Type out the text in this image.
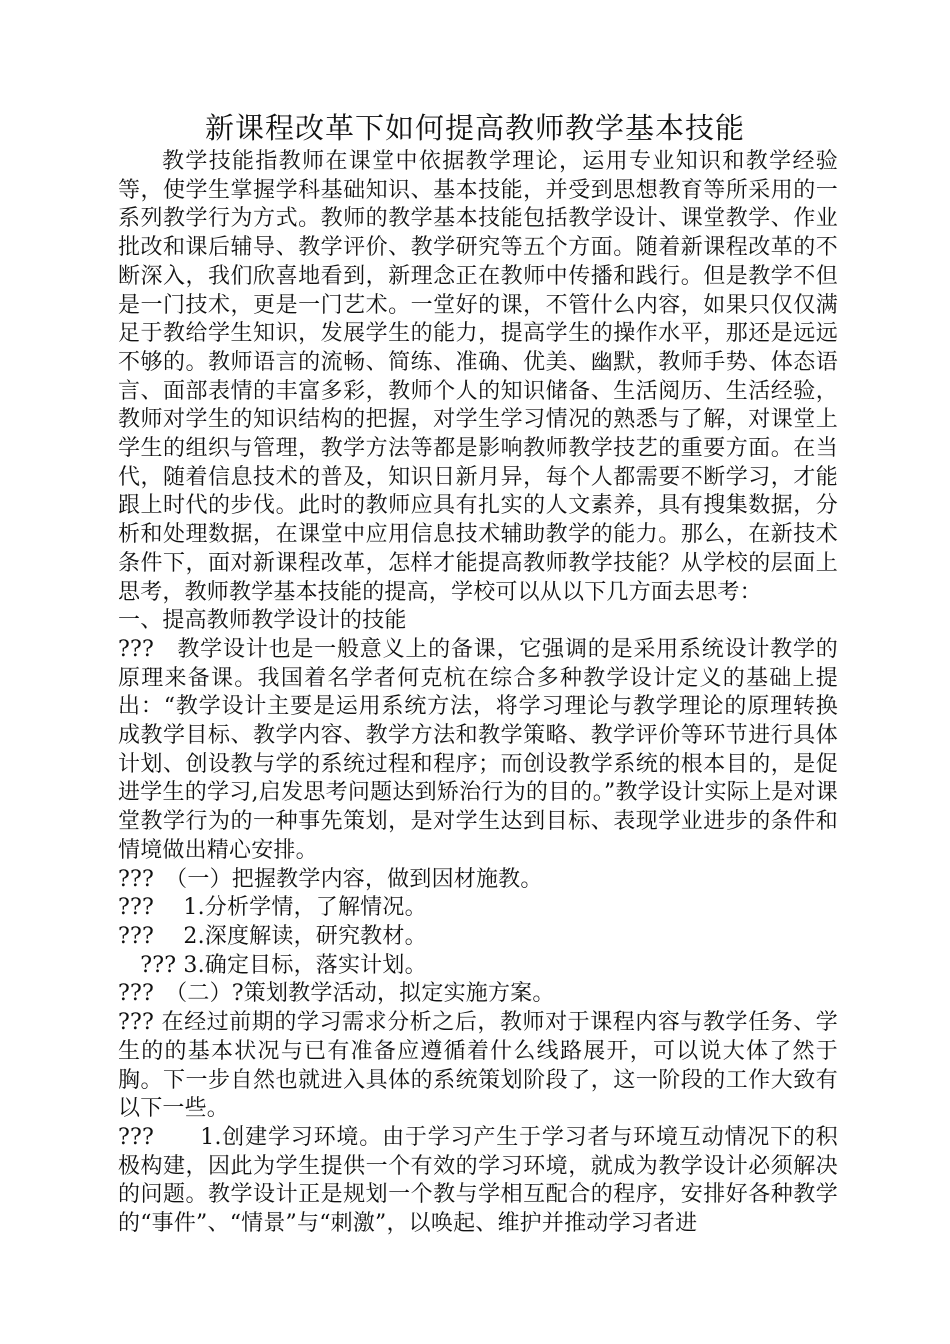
新课程改革下如何提高教师教学基本技能

教学技能指教师在课堂中依据教学理论，运用专业知识和教学经验等，使学生掌握学科基础知识、基本技能，并受到思想教育等所采用的一系列教学行为方式。教师的教学基本技能包括教学设计、课堂教学、作业批改和课后辅导、教学评价、教学研究等五个方面。随着新课程改革的不断深入，我们欣喜地看到，新理念正在教师中传播和践行。但是教学不但是一门技术，更是一门艺术。一堂好的课，不管什么内容，如果只仅仅满足于教给学生知识，发展学生的能力，提高学生的操作水平，那还是远远不够的。教师语言的流畅、简练、准确、优美、幽默，教师手势、体态语言、面部表情的丰富多彩，教师个人的知识储备、生活阅历、生活经验，教师对学生的知识结构的把握，对学生学习情况的熟悉与了解，对课堂上学生的组织与管理，教学方法等都是影响教师教学技艺的重要方面。在当代，随着信息技术的普及，知识日新月异，每个人都需要不断学习，才能跟上时代的步伐。此时的教师应具有扎实的人文素养，具有搜集数据，分析和处理数据，在课堂中应用信息技术辅助教学的能力。那么，在新技术条件下，面对新课程改革，怎样才能提高教师教学技能？从学校的层面上思考，教师教学基本技能的提高，学校可以从以下几方面去思考：

一、提高教师教学设计的技能

???　教学设计也是一般意义上的备课，它强调的是采用系统设计教学的原理来备课。我国着名学者何克杭在综合多种教学设计定义的基础上提出：“教学设计主要是运用系统方法，将学习理论与教学理论的原理转换成教学目标、教学内容、教学方法和教学策略、教学评价等环节进行具体计划、创设教与学的系统过程和程序；而创设教学系统的根本目的，是促进学生的学习,启发思考问题达到矫治行为的目的。”教学设计实际上是对课堂教学行为的一种事先策划，是对学生达到目标、表现学业进步的条件和情境做出精心安排。

???　（一）把握教学内容，做到因材施教。

???　 1.分析学情，了解情况。

???　 2.深度解读，研究教材。

　??? 3.确定目标，落实计划。

???　（二）?策划教学活动，拟定实施方案。

??? 在经过前期的学习需求分析之后，教师对于课程内容与教学任务、学生的的基本状况与已有准备应遵循着什么线路展开，可以说大体了然于胸。下一步自然也就进入具体的系统策划阶段了，这一阶段的工作大致有以下一些。

???　　1.创建学习环境。由于学习产生于学习者与环境互动情况下的积极构建，因此为学生提供一个有效的学习环境，就成为教学设计必须解决的问题。教学设计正是规划一个教与学相互配合的程序，安排好各种教学的“事件”、“情景”与“刺激”，以唤起、维护并推动学习者进
